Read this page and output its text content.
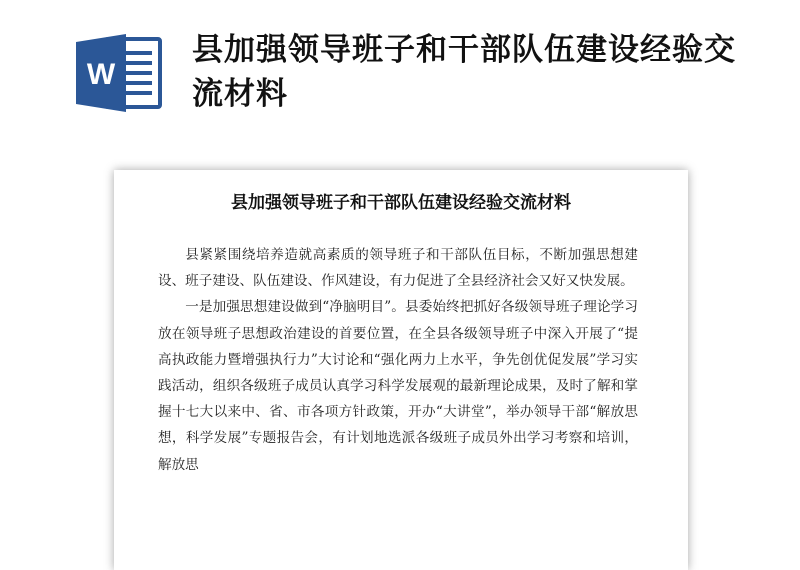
W
县加强领导班子和干部队伍建设经验交流材料
县加强领导班子和干部队伍建设经验交流材料

县紧紧围绕培养造就高素质的领导班子和干部队伍目标，不断加强思想建设、班子建设、队伍建设、作风建设，有力促进了全县经济社会又好又快发展。

一是加强思想建设做到“净脑明目”。县委始终把抓好各级领导班子理论学习放在领导班子思想政治建设的首要位置，在全县各级领导班子中深入开展了“提高执政能力暨增强执行力”大讨论和“强化两力上水平，争先创优促发展”学习实践活动，组织各级班子成员认真学习科学发展观的最新理论成果，及时了解和掌握十七大以来中、省、市各项方针政策，开办“大讲堂”，举办领导干部“解放思想，科学发展”专题报告会，有计划地选派各级班子成员外出学习考察和培训，解放思
